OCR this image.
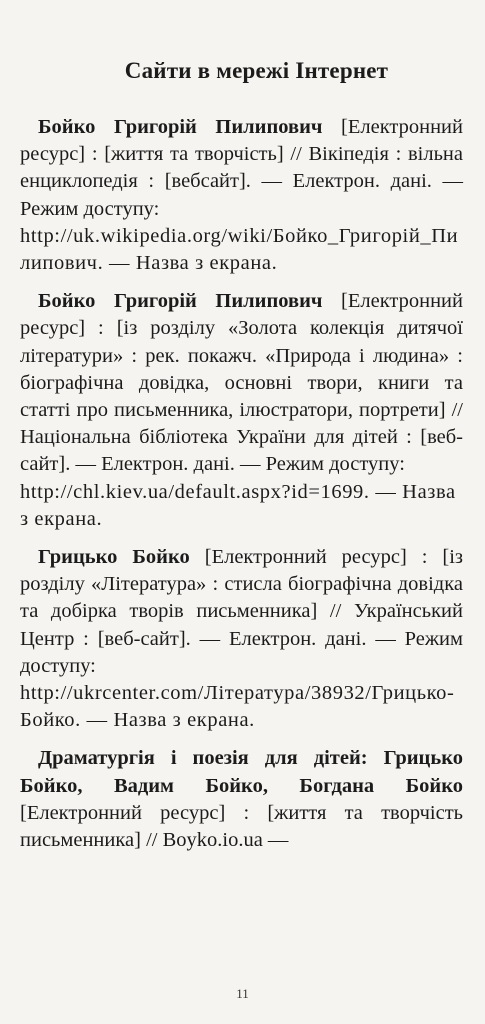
Сайти в мережі Інтернет

Бойко Григорій Пилипович [Електронний ресурс] : [життя та творчість] // Вікіпедія : вільна енциклопедія : [вебсайт]. — Електрон. дані. — Режим доступу:
http://uk.wikipedia.org/wiki/Бойко_Григорій_Пилипович. — Назва з екрана.

Бойко Григорій Пилипович [Електронний ресурс] : [із розділу «Золота колекція дитячої літератури» : рек. покажч. «Природа і людина» : біографічна довідка, основні твори, книги та статті про письменника, ілюстратори, портрети] // Національна бібліотека України для дітей : [веб-сайт]. — Електрон. дані. — Режим доступу:
http://chl.kiev.ua/default.aspx?id=1699. — Назва з екрана.

Грицько Бойко [Електронний ресурс] : [із розділу «Література» : стисла біографічна довідка та добірка творів письменника] // Український Центр : [веб-сайт]. — Електрон. дані. — Режим доступу:
http://ukrcenter.com/Література/38932/Грицько-Бойко. — Назва з екрана.

Драматургія і поезія для дітей: Грицько Бойко, Вадим Бойко, Богдана Бойко [Електронний ресурс] : [життя та творчість письменника] // Boyko.io.ua —

11
